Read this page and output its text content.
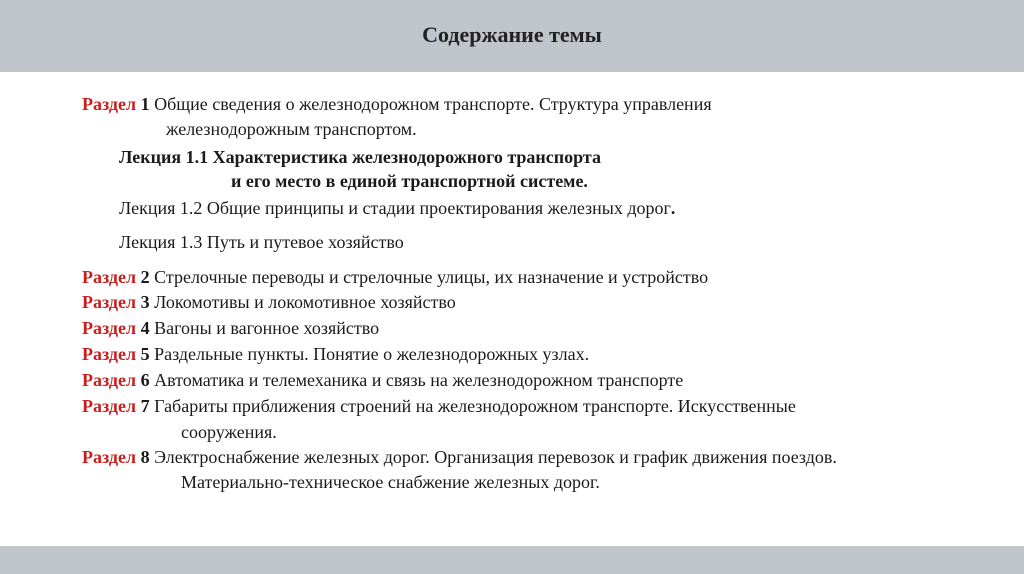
Содержание темы
Раздел 1 Общие сведения о железнодорожном транспорте. Структура управления
железнодорожным транспортом.
Лекция 1.1 Характеристика железнодорожного транспорта
и его место в единой транспортной системе.
Лекция 1.2 Общие принципы и стадии проектирования железных дорог.
Лекция 1.3 Путь и путевое хозяйство
Раздел 2 Стрелочные переводы и стрелочные улицы, их назначение и устройство
Раздел 3 Локомотивы и локомотивное хозяйство
Раздел 4 Вагоны и вагонное хозяйство
Раздел 5 Раздельные пункты. Понятие о железнодорожных узлах.
Раздел 6 Автоматика и телемеханика и связь на железнодорожном транспорте
Раздел 7 Габариты приближения строений на железнодорожном транспорте. Искусственные
сооружения.
Раздел 8 Электроснабжение железных дорог. Организация перевозок и график движения поездов.
Материально-техническое снабжение железных дорог.
